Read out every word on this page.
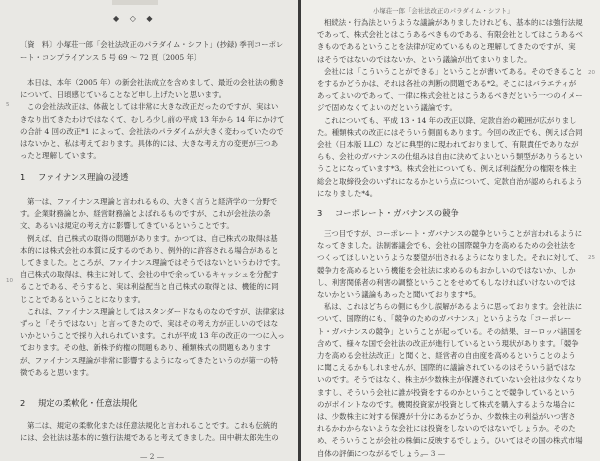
◆ ◇ ◆
〔資　料〕小塚荘一郎「会社法改正のパラダイム・シフト」(抄録) 季刊コーポレート・コンプライアンス 5 号 69 ～ 72 頁〔2005 年〕

本日は、本年（2005 年）の新会社法成立を含めまして、最近の会社法の動きについて、日頃感じていることなど申し上げたいと思います。

この会社法改正は、体裁としては非常に大きな改正だったのですが、実はいきなり出てきたわけではなくて、むしろ少し前の平成 13 年から 14 年にかけての合計 4 回の改正*1 によって、会社法のパラダイムが大きく変わっていたのではないかと、私は考えております。具体的には、大きな考え方の変更が三つあったと理解しています。

1 ファイナンス理論の浸透

第一は、ファイナンス理論と言われるもの、大きく言うと経済学の一分野です。企業財務論とか、経営財務論とよばれるものですが、これが会社法の条文、あるいは規定の考え方に影響してきているということです。

例えば、自己株式の取得の問題があります。かつては、自己株式の取得は基本的には株式会社の本質に反するのであり、例外的に許容される場合があるとしてきました。ところが、ファイナンス理論ではそうではないというわけです。自己株式の取得は、株主に対して、会社の中で余っているキャッシュを分配することである、そうすると、実は利益配当と自己株式の取得とは、機能的に同じことであるということになります。

これは、ファイナンス理論としてはスタンダードなものなのですが、法律家はずっと「そうではない」と言ってきたので、実はその考え方が正しいのではないかということで採り入れられています。これが平成 13 年の改正の一つに入っております。その他、新株予約権の問題もあり、種類株式の問題もありますが、ファイナンス理論が非常に影響するようになってきたというのが第一の特徴であると思います。

2 規定の柔軟化・任意法規化

第二は、規定の柔軟化または任意法規化と言われることです。これも伝統的には、会社法は基本的に強行法規であると考えてきました。田中耕太郎先生の

— 2 —
5
10
小塚荘一郎「会社法改正のパラダイム・シフト」

相続法・行為法というような議論がありましたけれども、基本的には強行法規であって、株式会社とはこうあるべきものである、有限会社としてはこうあるべきものであるということを法律が定めているものと理解してきたのですが、実はそうではないのではないか、という議論が出てまいりました。

会社には「こういうことができる」ということが書いてある。そのできることをするかどうかは、それは各社の判断の問題である*2。そこにはバラエティがあってよいのであって、一律に株式会社とはこうあるべきだという一つのイメージで固めなくてよいのだという議論です。

これについても、平成 13・14 年の改正以降、定款自治の範囲が広がりました。種類株式の改正にはそういう側面もあります。今回の改正でも、例えば合同会社（日本版 LLC）などに典型的に現われておりまして、有限責任でありながらも、会社のガバナンスの仕組みは自由に決めてよいという類型がありうるということになっています*3。株式会社についても、例えば利益配分の権限を株主総会と取締役会のいずれになるかという点について、定款自治が認められるようになりました*4。

3 コーポレート・ガバナンスの競争

三つ目ですが、コーポレート・ガバナンスの競争ということが言われるようになってきました。法制審議会でも、会社の国際競争力を高めるための会社法をつくってほしいというような要望が出されるようになりました。それに対して、競争力を高めるという機能を会社法に求めるのもおかしいのではないか、しかし、利害関係者の利害の調整ということをせめてもしなければいけないのではないかという議論もあったと聞いております*5。

私は、これはどちらの側にも少し誤解があるように思っております。会社法について、国際的にも、「競争のためのガバナンス」というような「コーポレート・ガバナンスの競争」ということが起っている。その結果、ヨーロッパ諸国を含めて、様々な国で会社法の改正が進行しているという現状があります。「競争力を高める会社法改正」と聞くと、経営者の自由度を高めるということのように聞こえるかもしれませんが、国際的に議論されているのはそういう話ではないのです。そうではなく、株主が少数株主が保護されていない会社は少なくなりますし、そういう会社に誰が投資をするのかということで競争しているというのがポイントなのです。機関投資家が投資として株式を購入するような場合には、少数株主に対する保護が十分にあるかどうか、少数株主の利益がいつ害されるかわからないような会社には投資をしないのではないでしょうか。そのため、そういうことが会社の株価に反映するでしょう。ひいてはその国の株式市場自体の評価につながるでしょう。

— 3 —
20
25
